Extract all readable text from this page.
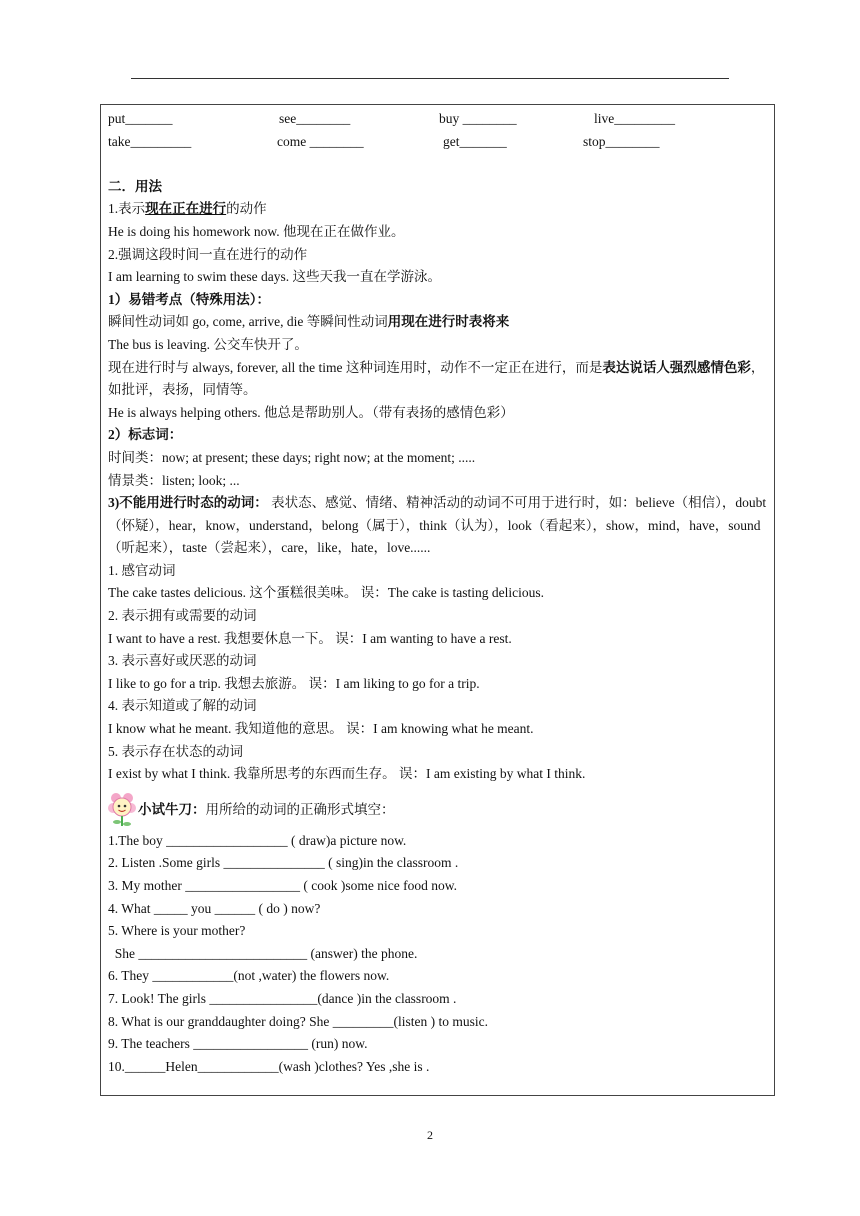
put_______	see________	buy ________	live_________
take_________	come ________	get_______	stop________
二．用法
1.表示现在正在进行的动作
He is doing his homework now. 他现在正在做作业。
2.强调这段时间一直在进行的动作
I am learning to swim these days. 这些天我一直在学游泳。
1）易错考点（特殊用法）：
瞬间性动词如 go, come, arrive, die 等瞬间性动词用现在进行时表将来
The bus is leaving. 公交车快开了。
现在进行时与 always, forever, all the time 这种词连用时，动作不一定正在进行，而是表达说话人强烈感情色彩，如批评，表扬，同情等。
He is always helping others. 他总是帮助别人。（带有表扬的感情色彩）
2）标志词：
时间类：now; at present; these days; right now; at the moment; .....
情景类：listen; look; ...
3)不能用进行时态的动词： 表状态、感觉、情绪、精神活动的动词不可用于进行时，如：believe（相信），doubt（怀疑），hear，know，understand，belong（属于），think（认为），look（看起来），show，mind，have，sound（听起来），taste（尝起来），care，like，hate，love......
1. 感官动词
The cake tastes delicious. 这个蛋糕很美味。 误：The cake is tasting delicious.
2. 表示拥有或需要的动词
I want to have a rest. 我想要休息一下。 误：I am wanting to have a rest.
3. 表示喜好或厌恶的动词
I like to go for a trip. 我想去旅游。 误：I am liking to go for a trip.
4. 表示知道或了解的动词
I know what he meant. 我知道他的意思。 误：I am knowing what he meant.
5. 表示存在状态的动词
I exist by what I think. 我靠所思考的东西而生存。 误：I am existing by what I think.
小试牛刀：用所给的动词的正确形式填空：
1.The boy __________________ ( draw)a picture now.
2. Listen .Some girls _______________ ( sing)in the classroom .
3. My mother _________________ ( cook )some nice food now.
4. What _____ you ______ ( do ) now?
5. Where is your mother?
She _________________________ (answer) the phone.
6. They ____________(not ,water) the flowers now.
7. Look! The girls ________________(dance )in the classroom .
8. What is our granddaughter doing? She _________(listen ) to music.
9. The teachers _________________ (run) now.
10.______Helen____________(wash )clothes? Yes ,she is .
2
